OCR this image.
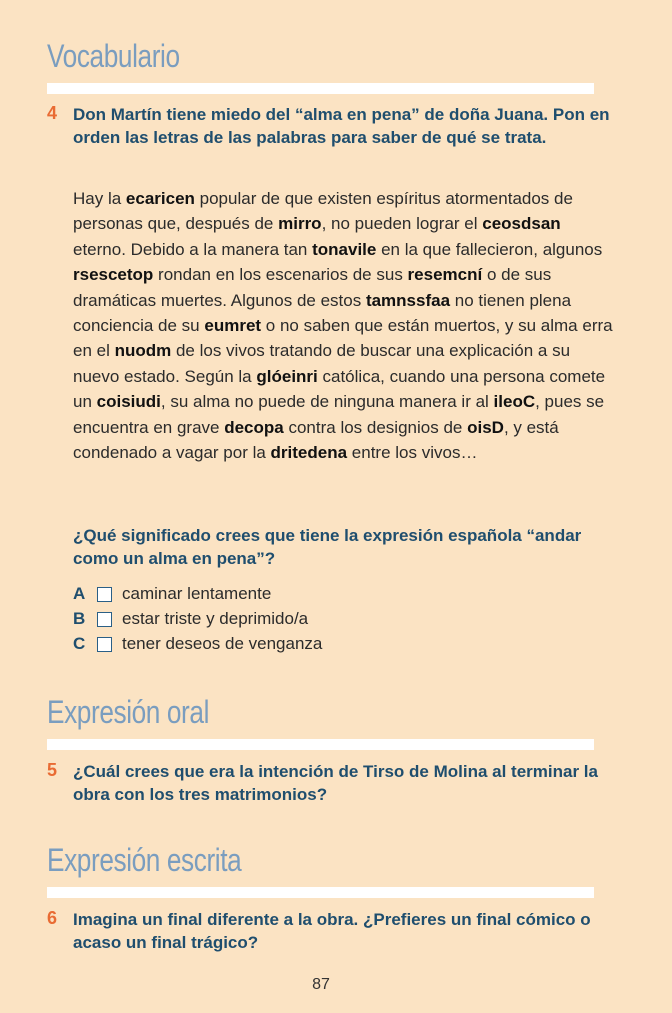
Vocabulario
4 Don Martín tiene miedo del “alma en pena” de doña Juana. Pon en orden las letras de las palabras para saber de qué se trata.

Hay la ecaricen popular de que existen espíritus atormentados de personas que, después de mirro, no pueden lograr el ceosdsan eterno. Debido a la manera tan tonavile en la que fallecieron, algunos rsescetop rondan en los escenarios de sus resemcní o de sus dramáticas muertes. Algunos de estos tamnssfaa no tienen plena conciencia de su eumret o no saben que están muertos, y su alma erra en el nuodm de los vivos tratando de buscar una explicación a su nuevo estado. Según la glóeinri católica, cuando una persona comete un coisiudi, su alma no puede de ninguna manera ir al ileoC, pues se encuentra en grave decopa contra los designios de oisD, y está condenado a vagar por la dritedena entre los vivos…

¿Qué significado crees que tiene la expresión española “andar como un alma en pena”?

A	caminar lentamente
B	estar triste y deprimido/a
C	tener deseos de venganza
Expresión oral
5 ¿Cuál crees que era la intención de Tirso de Molina al terminar la obra con los tres matrimonios?

Expresión escrita
6 Imagina un final diferente a la obra. ¿Prefieres un final cómico o acaso un final trágico?

87
